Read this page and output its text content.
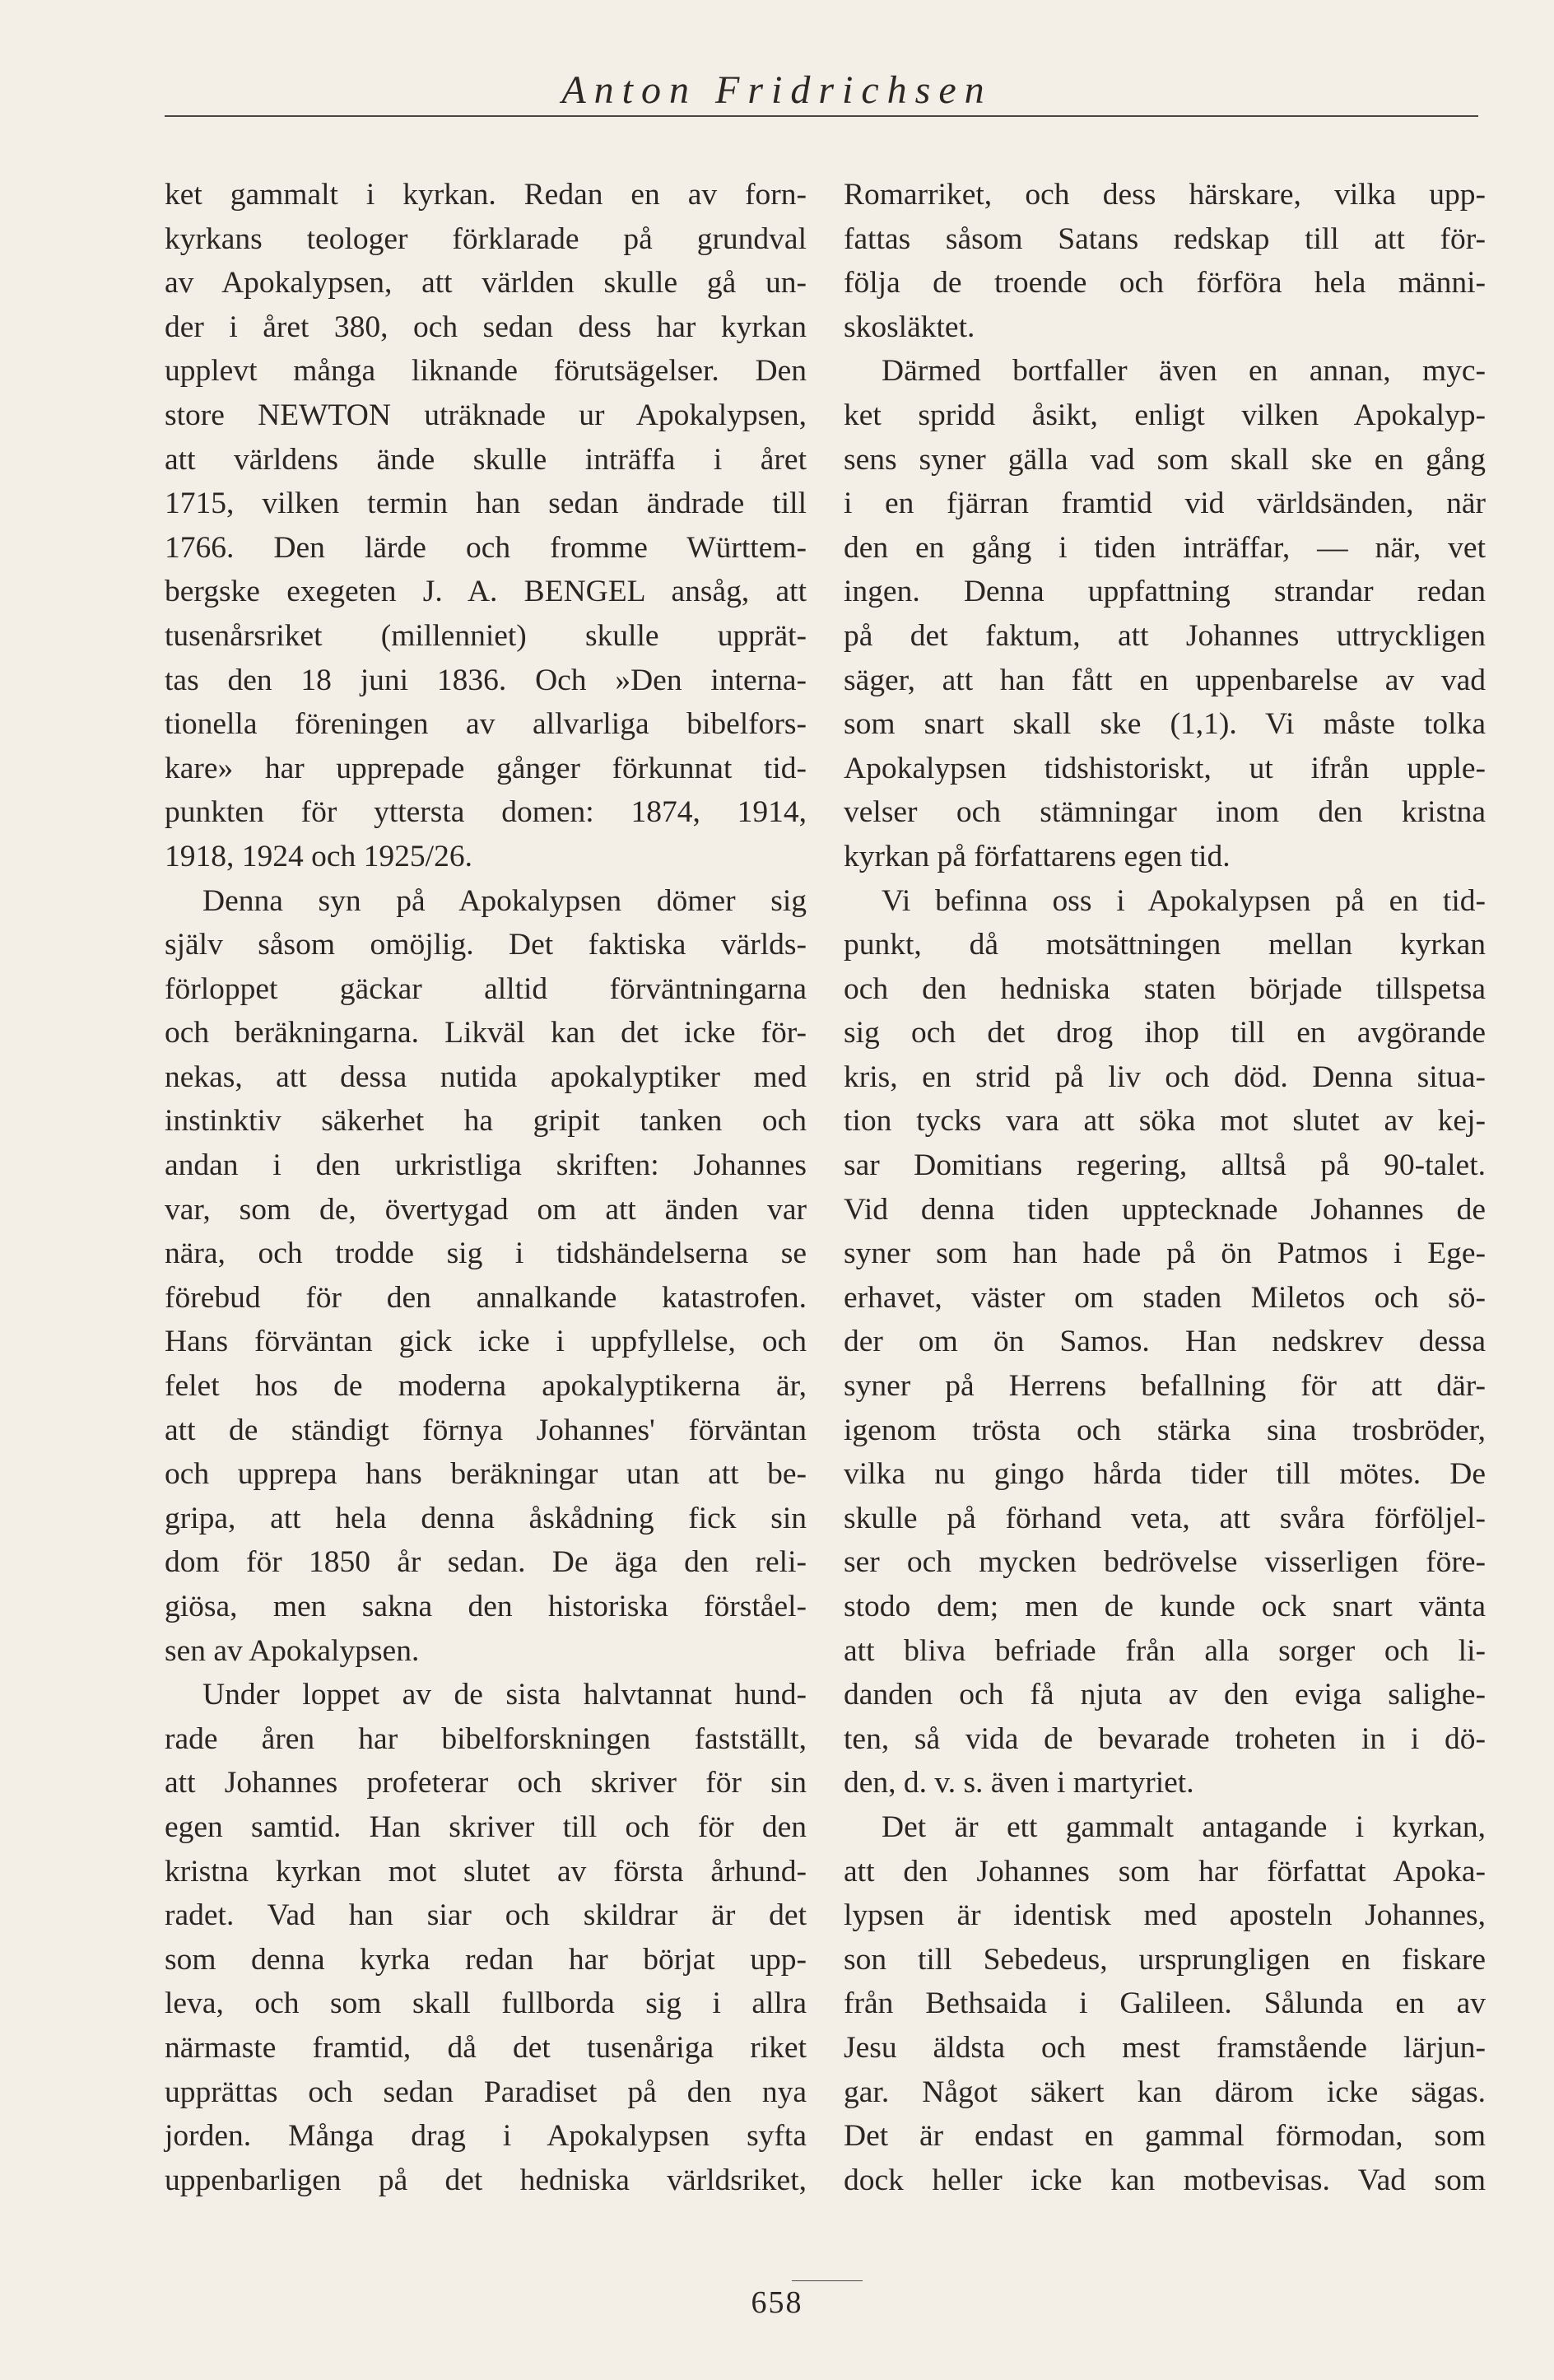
Anton Fridrichsen
ket gammalt i kyrkan. Redan en av forn-
kyrkans teologer förklarade på grundval
av Apokalypsen, att världen skulle gå un-
der i året 380, och sedan dess har kyrkan
upplevt många liknande förutsägelser. Den
store NEWTON uträknade ur Apokalypsen,
att världens ände skulle inträffa i året
1715, vilken termin han sedan ändrade till
1766. Den lärde och fromme Württem-
bergske exegeten J. A. BENGEL ansåg, att
tusenårsriket (millenniet) skulle upprät-
tas den 18 juni 1836. Och »Den interna-
tionella föreningen av allvarliga bibelfors-
kare» har upprepade gånger förkunnat tid-
punkten för yttersta domen: 1874, 1914,
1918, 1924 och 1925/26.
Denna syn på Apokalypsen dömer sig
själv såsom omöjlig. Det faktiska världs-
förloppet gäckar alltid förväntningarna
och beräkningarna. Likväl kan det icke för-
nekas, att dessa nutida apokalyptiker med
instinktiv säkerhet ha gripit tanken och
andan i den urkristliga skriften: Johannes
var, som de, övertygad om att änden var
nära, och trodde sig i tidshändelserna se
förebud för den annalkande katastrofen.
Hans förväntan gick icke i uppfyllelse, och
felet hos de moderna apokalyptikerna är,
att de ständigt förnya Johannes' förväntan
och upprepa hans beräkningar utan att be-
gripa, att hela denna åskådning fick sin
dom för 1850 år sedan. De äga den reli-
giösa, men sakna den historiska förståel-
sen av Apokalypsen.
Under loppet av de sista halvtannat hund-
rade åren har bibelforskningen fastställt,
att Johannes profeterar och skriver för sin
egen samtid. Han skriver till och för den
kristna kyrkan mot slutet av första århund-
radet. Vad han siar och skildrar är det
som denna kyrka redan har börjat upp-
leva, och som skall fullborda sig i allra
närmaste framtid, då det tusenåriga riket
upprättas och sedan Paradiset på den nya
jorden. Många drag i Apokalypsen syfta
uppenbarligen på det hedniska världsriket,
Romarriket, och dess härskare, vilka upp-
fattas såsom Satans redskap till att för-
följa de troende och förföra hela männi-
skosläktet.
Därmed bortfaller även en annan, myc-
ket spridd åsikt, enligt vilken Apokalyp-
sens syner gälla vad som skall ske en gång
i en fjärran framtid vid världsänden, när
den en gång i tiden inträffar, — när, vet
ingen. Denna uppfattning strandar redan
på det faktum, att Johannes uttryckligen
säger, att han fått en uppenbarelse av vad
som snart skall ske (1,1). Vi måste tolka
Apokalypsen tidshistoriskt, ut ifrån upple-
velser och stämningar inom den kristna
kyrkan på författarens egen tid.
Vi befinna oss i Apokalypsen på en tid-
punkt, då motsättningen mellan kyrkan
och den hedniska staten började tillspetsa
sig och det drog ihop till en avgörande
kris, en strid på liv och död. Denna situa-
tion tycks vara att söka mot slutet av kej-
sar Domitians regering, alltså på 90-talet.
Vid denna tiden upptecknade Johannes de
syner som han hade på ön Patmos i Ege-
erhavet, väster om staden Miletos och sö-
der om ön Samos. Han nedskrev dessa
syner på Herrens befallning för att där-
igenom trösta och stärka sina trosbröder,
vilka nu gingo hårda tider till mötes. De
skulle på förhand veta, att svåra förföljel-
ser och mycken bedrövelse visserligen före-
stodo dem; men de kunde ock snart vänta
att bliva befriade från alla sorger och li-
danden och få njuta av den eviga salighe-
ten, så vida de bevarade troheten in i dö-
den, d. v. s. även i martyriet.
Det är ett gammalt antagande i kyrkan,
att den Johannes som har författat Apoka-
lypsen är identisk med aposteln Johannes,
son till Sebedeus, ursprungligen en fiskare
från Bethsaida i Galileen. Sålunda en av
Jesu äldsta och mest framstående lärjun-
gar. Något säkert kan därom icke sägas.
Det är endast en gammal förmodan, som
dock heller icke kan motbevisas. Vad som
658
